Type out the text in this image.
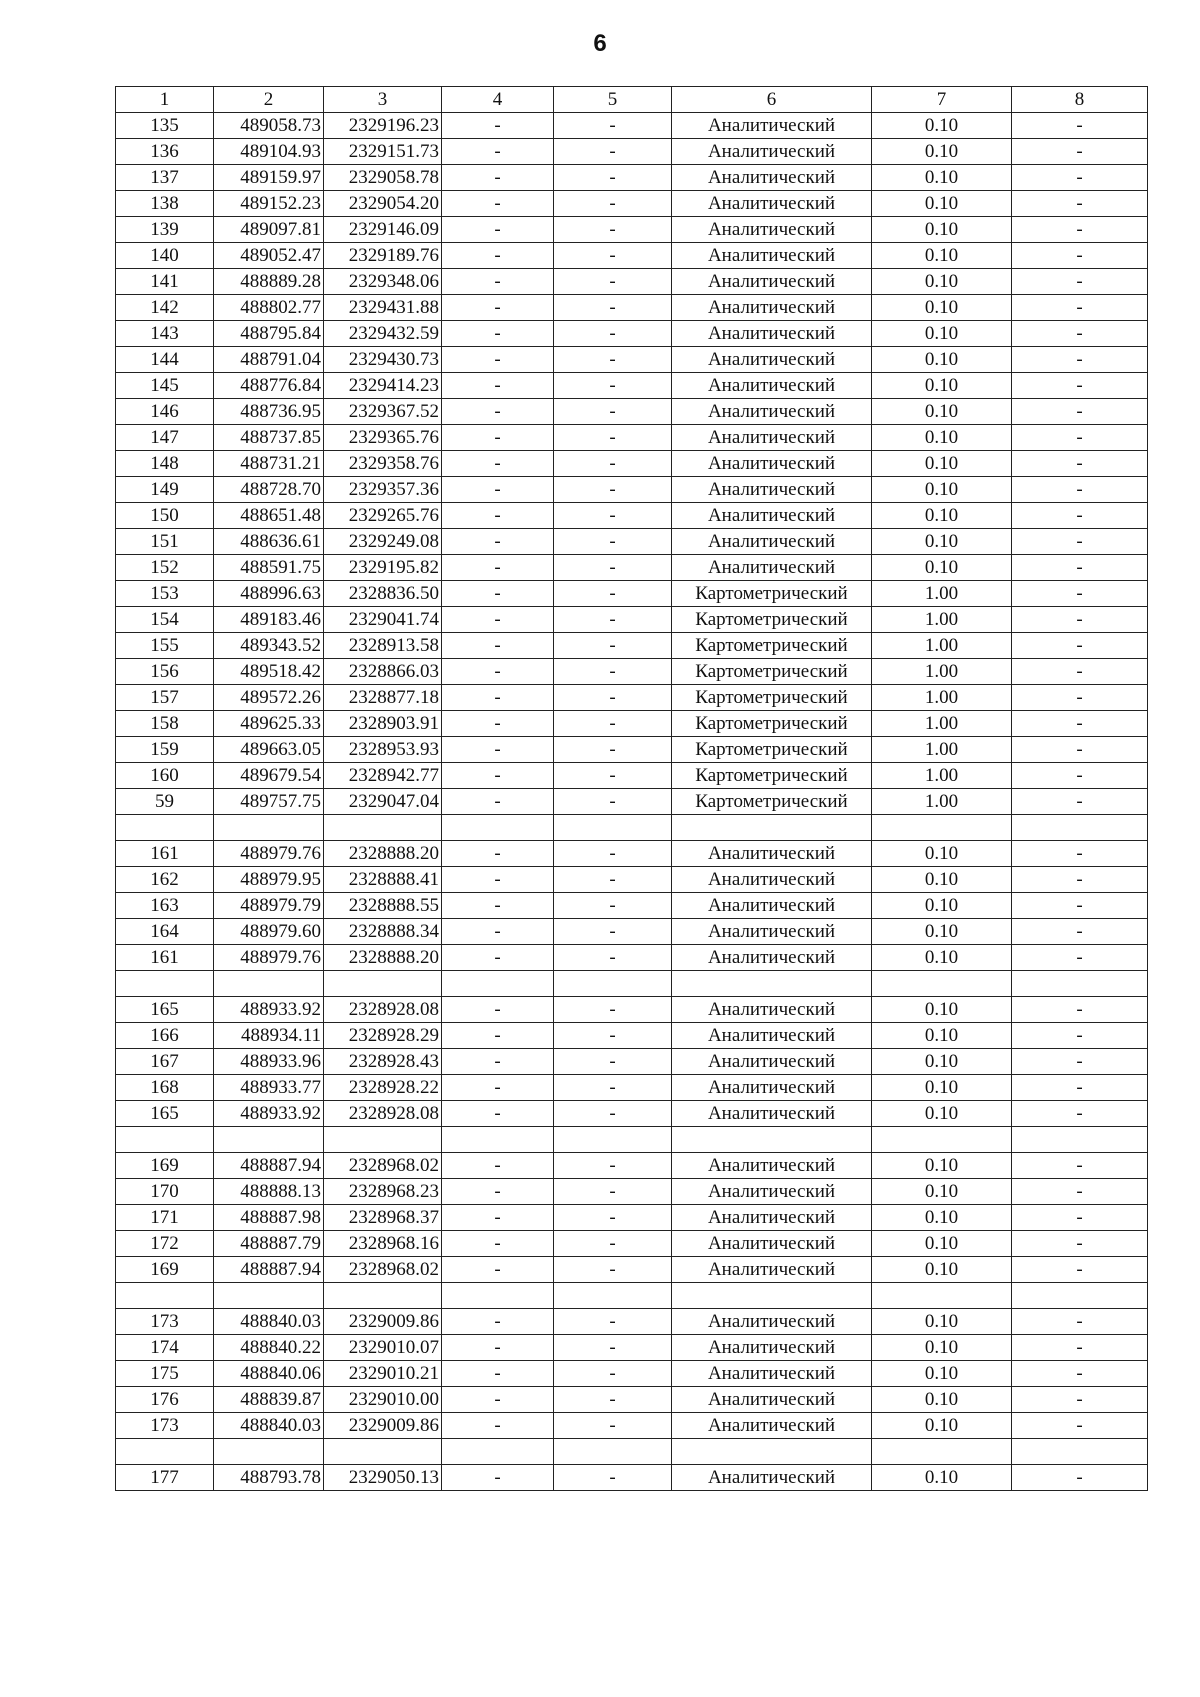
6
1	2	3	4	5	6	7	8
135	489058.73	2329196.23	-	-	Аналитический	0.10	-
136	489104.93	2329151.73	-	-	Аналитический	0.10	-
137	489159.97	2329058.78	-	-	Аналитический	0.10	-
138	489152.23	2329054.20	-	-	Аналитический	0.10	-
139	489097.81	2329146.09	-	-	Аналитический	0.10	-
140	489052.47	2329189.76	-	-	Аналитический	0.10	-
141	488889.28	2329348.06	-	-	Аналитический	0.10	-
142	488802.77	2329431.88	-	-	Аналитический	0.10	-
143	488795.84	2329432.59	-	-	Аналитический	0.10	-
144	488791.04	2329430.73	-	-	Аналитический	0.10	-
145	488776.84	2329414.23	-	-	Аналитический	0.10	-
146	488736.95	2329367.52	-	-	Аналитический	0.10	-
147	488737.85	2329365.76	-	-	Аналитический	0.10	-
148	488731.21	2329358.76	-	-	Аналитический	0.10	-
149	488728.70	2329357.36	-	-	Аналитический	0.10	-
150	488651.48	2329265.76	-	-	Аналитический	0.10	-
151	488636.61	2329249.08	-	-	Аналитический	0.10	-
152	488591.75	2329195.82	-	-	Аналитический	0.10	-
153	488996.63	2328836.50	-	-	Картометрический	1.00	-
154	489183.46	2329041.74	-	-	Картометрический	1.00	-
155	489343.52	2328913.58	-	-	Картометрический	1.00	-
156	489518.42	2328866.03	-	-	Картометрический	1.00	-
157	489572.26	2328877.18	-	-	Картометрический	1.00	-
158	489625.33	2328903.91	-	-	Картометрический	1.00	-
159	489663.05	2328953.93	-	-	Картометрический	1.00	-
160	489679.54	2328942.77	-	-	Картометрический	1.00	-
59	489757.75	2329047.04	-	-	Картометрический	1.00	-

161	488979.76	2328888.20	-	-	Аналитический	0.10	-
162	488979.95	2328888.41	-	-	Аналитический	0.10	-
163	488979.79	2328888.55	-	-	Аналитический	0.10	-
164	488979.60	2328888.34	-	-	Аналитический	0.10	-
161	488979.76	2328888.20	-	-	Аналитический	0.10	-

165	488933.92	2328928.08	-	-	Аналитический	0.10	-
166	488934.11	2328928.29	-	-	Аналитический	0.10	-
167	488933.96	2328928.43	-	-	Аналитический	0.10	-
168	488933.77	2328928.22	-	-	Аналитический	0.10	-
165	488933.92	2328928.08	-	-	Аналитический	0.10	-

169	488887.94	2328968.02	-	-	Аналитический	0.10	-
170	488888.13	2328968.23	-	-	Аналитический	0.10	-
171	488887.98	2328968.37	-	-	Аналитический	0.10	-
172	488887.79	2328968.16	-	-	Аналитический	0.10	-
169	488887.94	2328968.02	-	-	Аналитический	0.10	-

173	488840.03	2329009.86	-	-	Аналитический	0.10	-
174	488840.22	2329010.07	-	-	Аналитический	0.10	-
175	488840.06	2329010.21	-	-	Аналитический	0.10	-
176	488839.87	2329010.00	-	-	Аналитический	0.10	-
173	488840.03	2329009.86	-	-	Аналитический	0.10	-

177	488793.78	2329050.13	-	-	Аналитический	0.10	-
